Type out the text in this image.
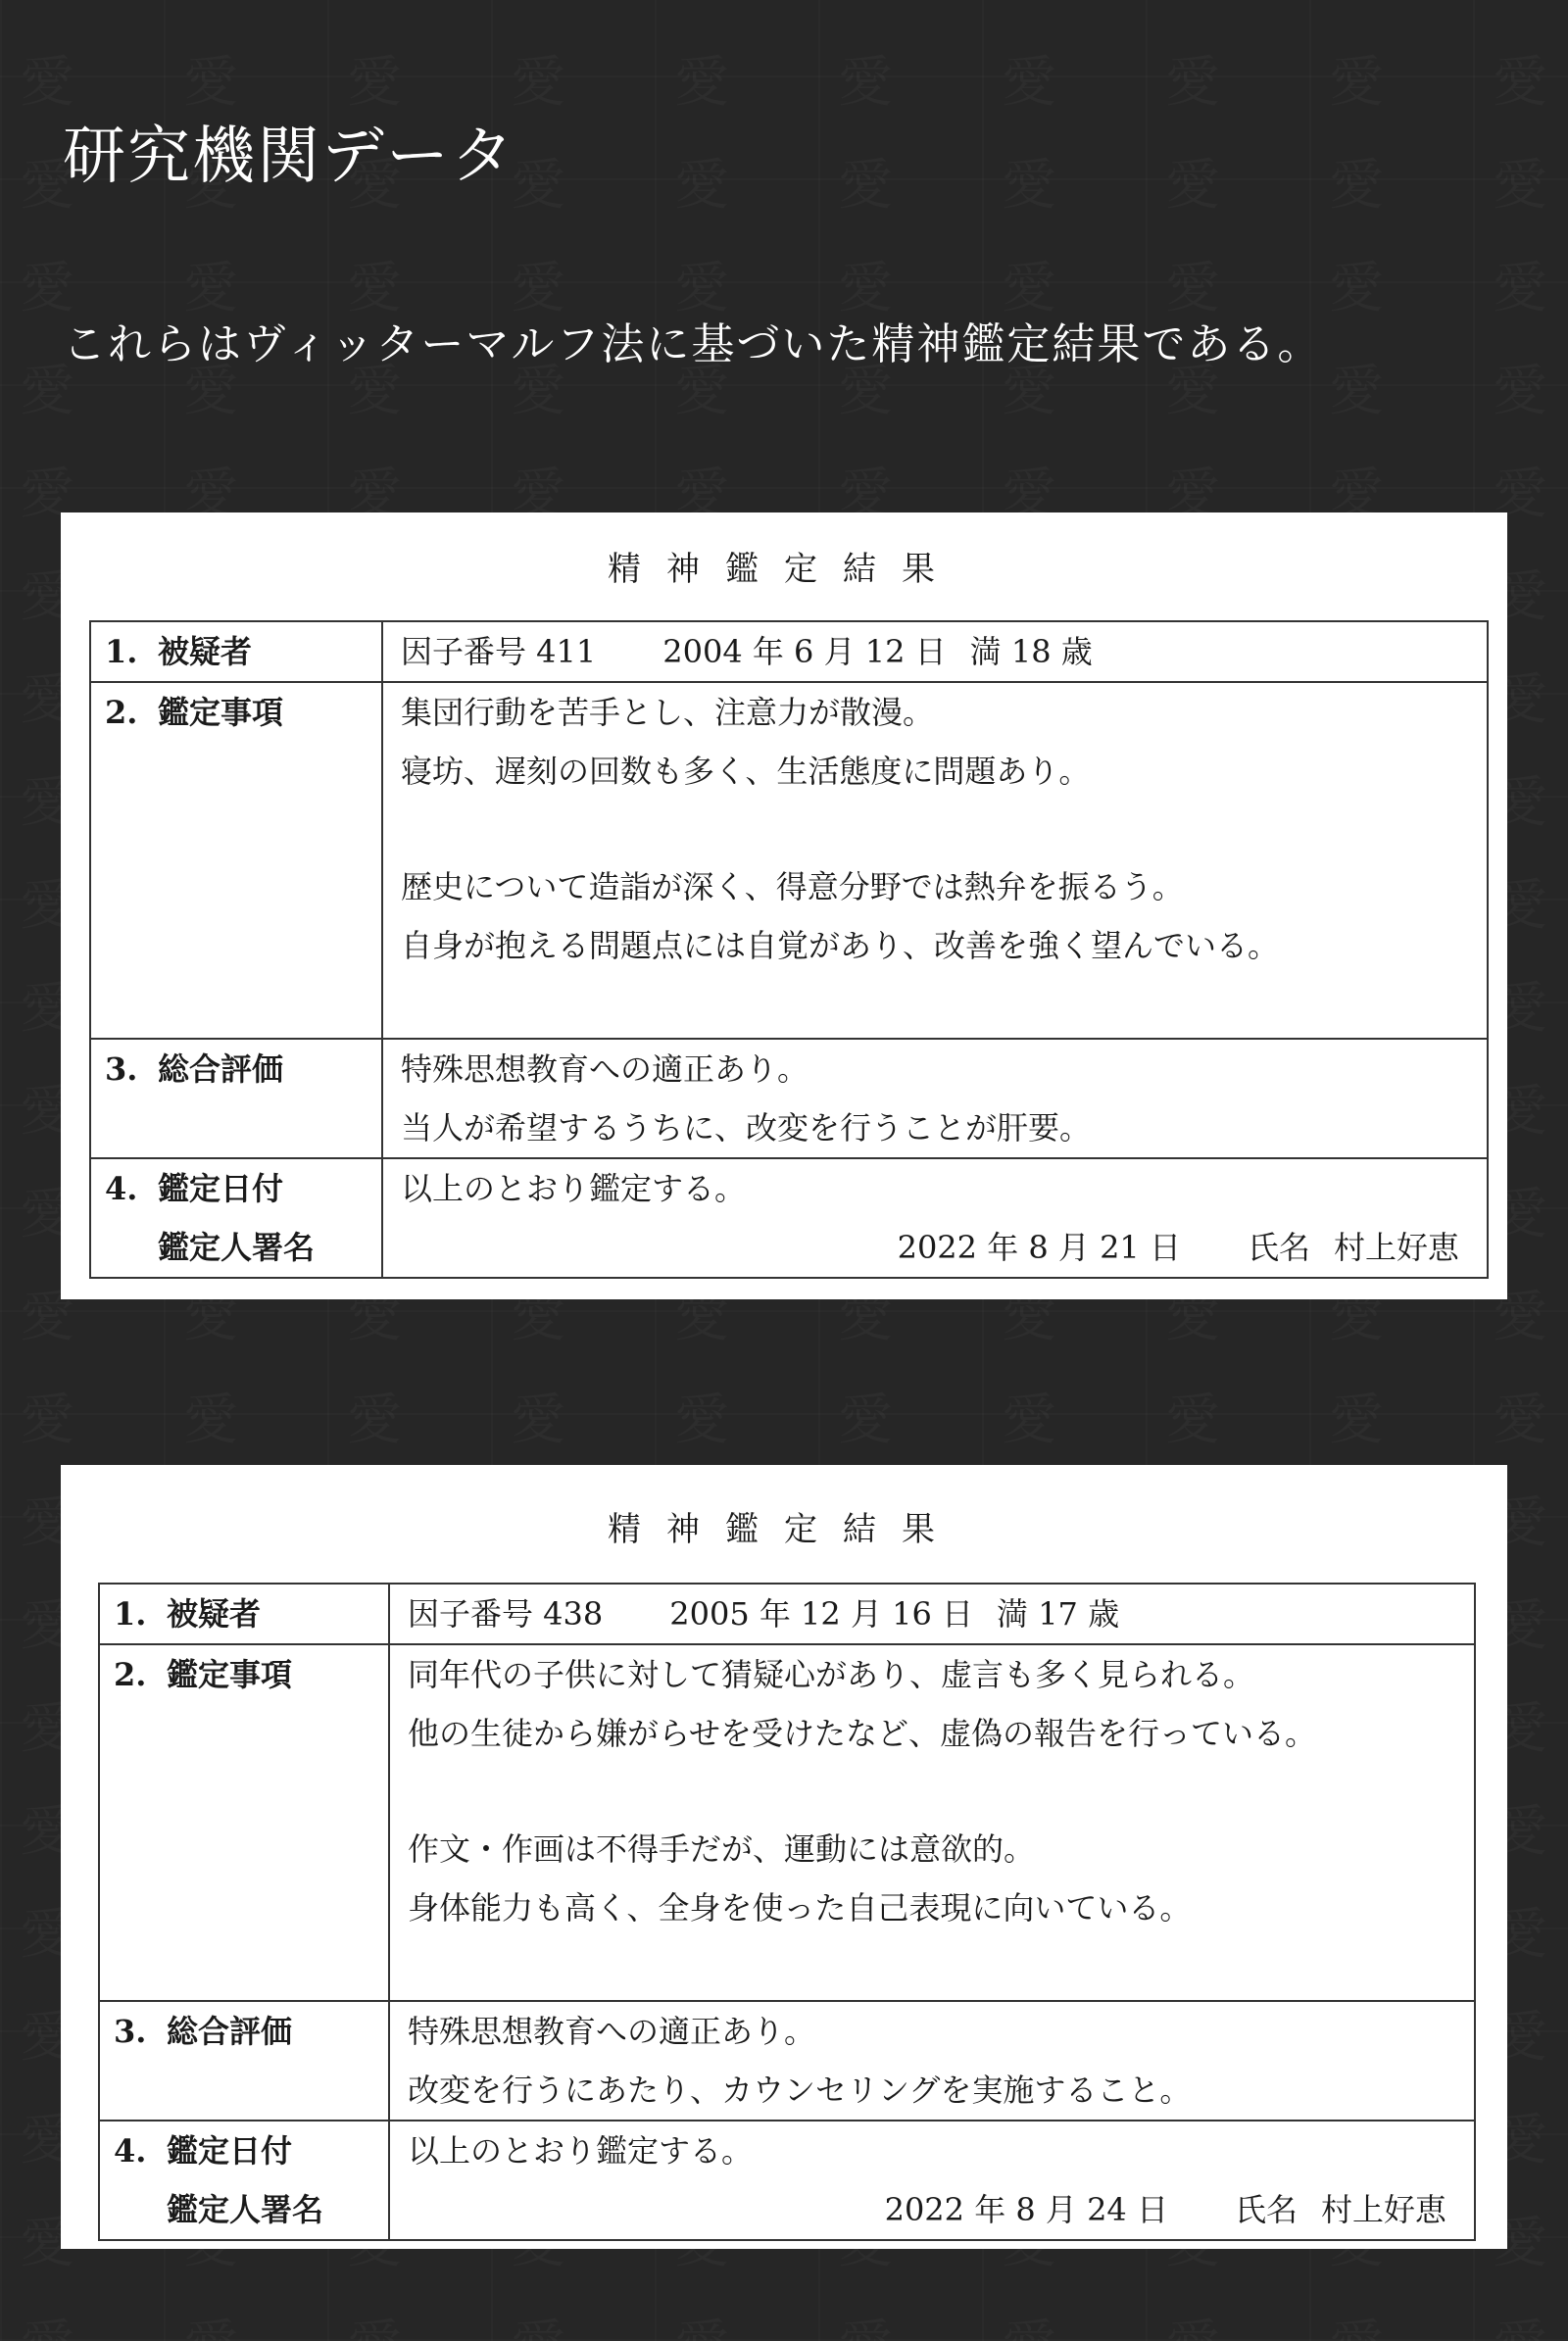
研究機関データ

これらはヴィッターマルフ法に基づいた精神鑑定結果である。

精神鑑定結果
1. 被疑者	因子番号 411 2004 年 6 月 12 日 満 18 歳

2. 鑑定事項	集団行動を苦手とし、注意力が散漫。
寝坊、遅刻の回数も多く、生活態度に問題あり。
歴史について造詣が深く、得意分野では熱弁を振るう。
自身が抱える問題点には自覚があり、改善を強く望んでいる。

3. 総合評価	特殊思想教育への適正あり。
当人が希望するうちに、改変を行うことが肝要。

4. 鑑定日付
鑑定人署名	以上のとおり鑑定する。
2022 年 8 月 21 日 氏名 村上好恵
精神鑑定結果
1. 被疑者	因子番号 438 2005 年 12 月 16 日 満 17 歳

2. 鑑定事項	同年代の子供に対して猜疑心があり、虚言も多く見られる。
他の生徒から嫌がらせを受けたなど、虚偽の報告を行っている。
作文・作画は不得手だが、運動には意欲的。
身体能力も高く、全身を使った自己表現に向いている。

3. 総合評価	特殊思想教育への適正あり。
改変を行うにあたり、カウンセリングを実施すること。

4. 鑑定日付
鑑定人署名	以上のとおり鑑定する。
2022 年 8 月 24 日 氏名 村上好恵
